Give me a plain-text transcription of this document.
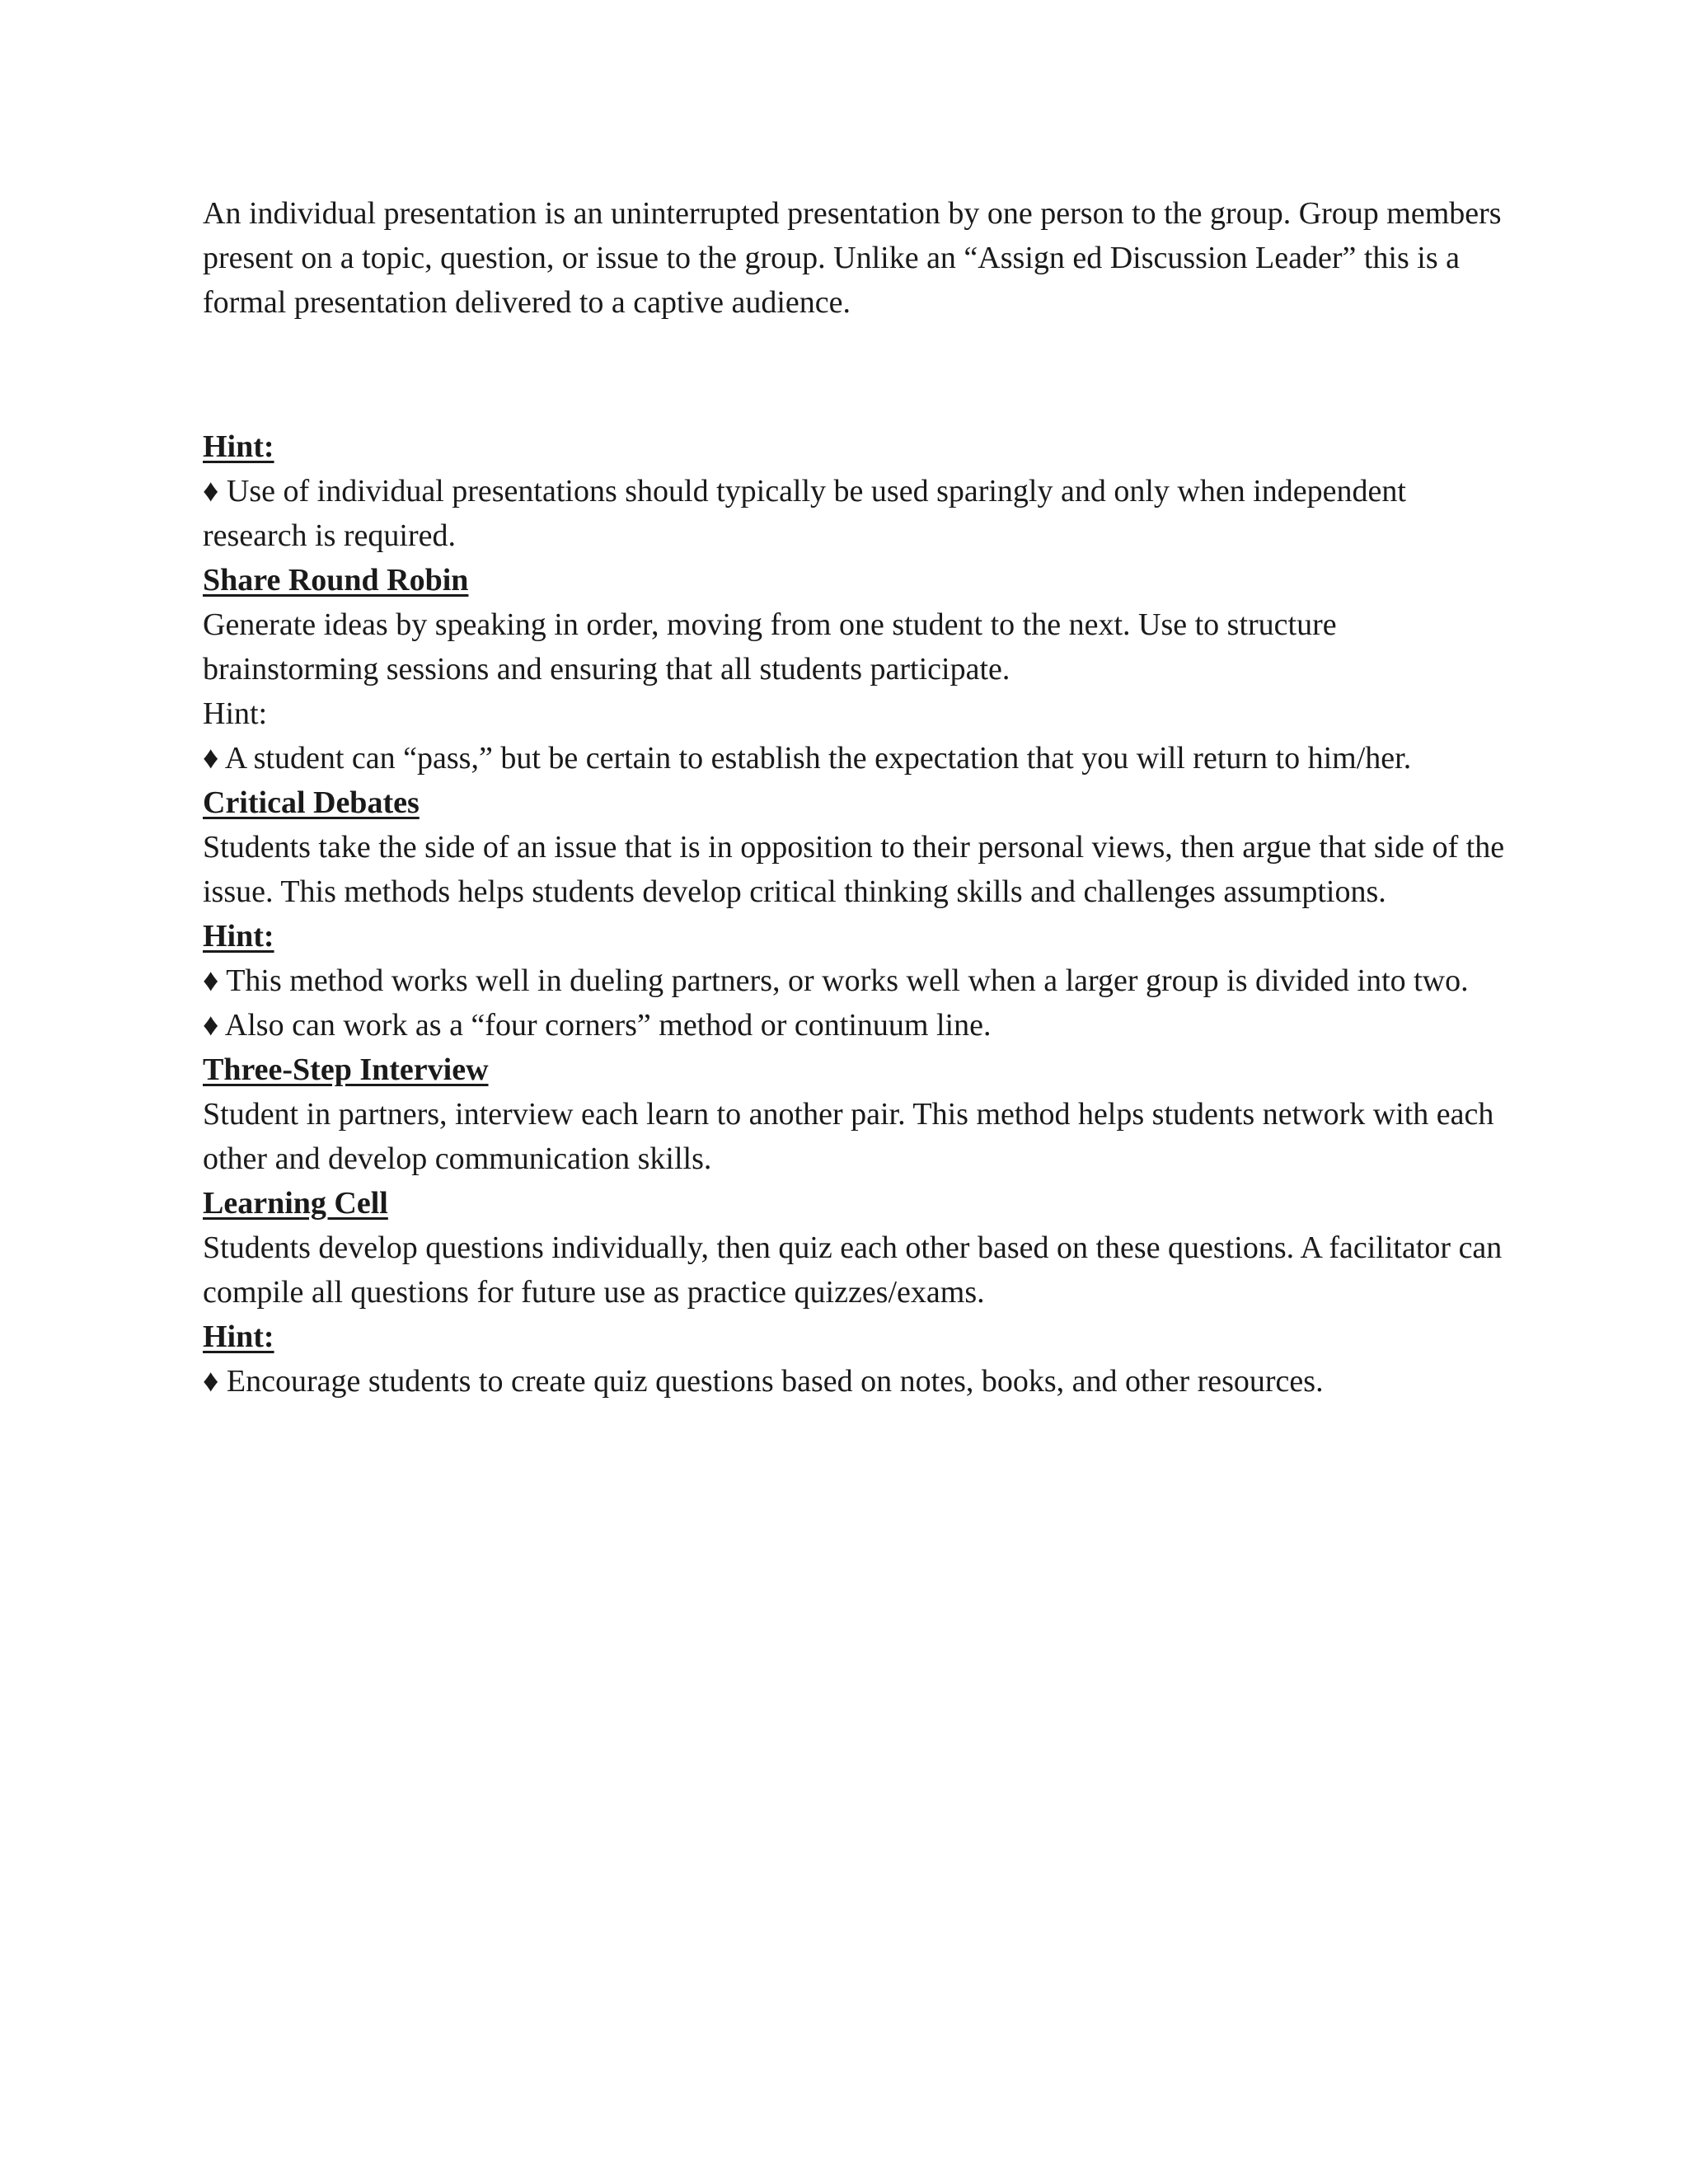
An individual presentation is an uninterrupted presentation by one person to the group. Group members present on a topic, question, or issue to the group. Unlike an “Assign ed Discussion Leader” this is a formal presentation delivered to a captive audience.

Hint:

♦ Use of individual presentations should typically be used sparingly and only when independent research is required.

Share Round Robin

Generate ideas by speaking in order, moving from one student to the next. Use to structure brainstorming sessions and ensuring that all students participate.

Hint:

♦ A student can “pass,” but be certain to establish the expectation that you will return to him/her.

Critical Debates

Students take the side of an issue that is in opposition to their personal views, then argue that side of the issue. This methods helps students develop critical thinking skills and challenges assumptions.

Hint:

♦ This method works well in dueling partners, or works well when a larger group is divided into two.

♦ Also can work as a “four corners” method or continuum line.

Three-Step Interview

Student in partners, interview each learn to another pair. This method helps students network with each other and develop communication skills.

Learning Cell

Students develop questions individually, then quiz each other based on these questions. A facilitator can compile all questions for future use as practice quizzes/exams.

Hint:

♦ Encourage students to create quiz questions based on notes, books, and other resources.
